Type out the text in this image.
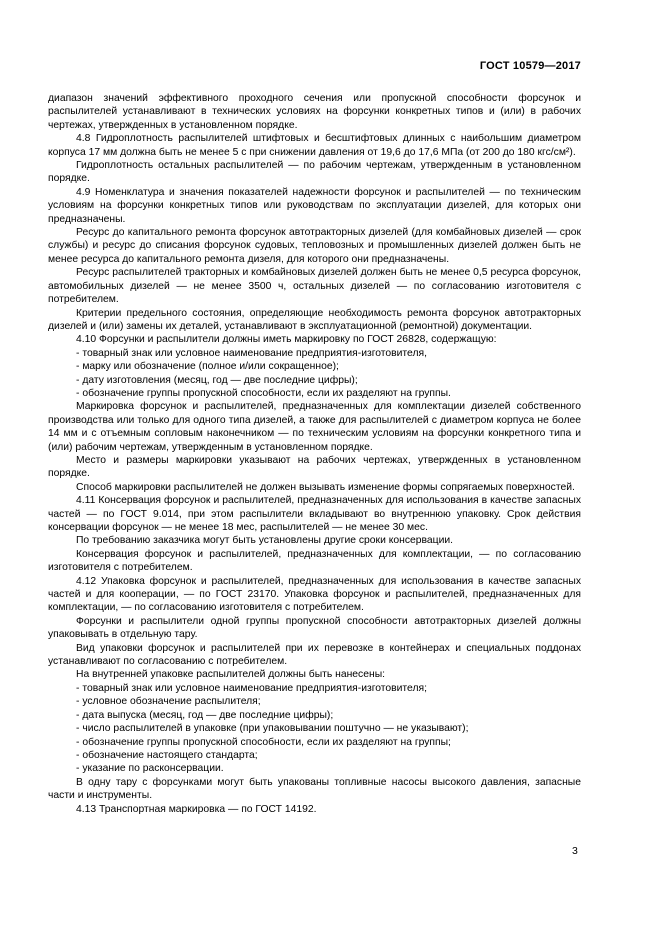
ГОСТ 10579—2017

диапазон значений эффективного проходного сечения или пропускной способности форсунок и распылителей устанавливают в технических условиях на форсунки конкретных типов и (или) в рабочих чертежах, утвержденных в установленном порядке.

4.8 Гидроплотность распылителей штифтовых и бесштифтовых длинных с наибольшим диаметром корпуса 17 мм должна быть не менее 5 с при снижении давления от 19,6 до 17,6 МПа (от 200 до 180 кгс/см²).

Гидроплотность остальных распылителей — по рабочим чертежам, утвержденным в установленном порядке.

4.9 Номенклатура и значения показателей надежности форсунок и распылителей — по техническим условиям на форсунки конкретных типов или руководствам по эксплуатации дизелей, для которых они предназначены.

Ресурс до капитального ремонта форсунок автотракторных дизелей (для комбайновых дизелей — срок службы) и ресурс до списания форсунок судовых, тепловозных и промышленных дизелей должен быть не менее ресурса до капитального ремонта дизеля, для которого они предназначены.

Ресурс распылителей тракторных и комбайновых дизелей должен быть не менее 0,5 ресурса форсунок, автомобильных дизелей — не менее 3500 ч, остальных дизелей — по согласованию изготовителя с потребителем.

Критерии предельного состояния, определяющие необходимость ремонта форсунок автотракторных дизелей и (или) замены их деталей, устанавливают в эксплуатационной (ремонтной) документации.

4.10 Форсунки и распылители должны иметь маркировку по ГОСТ 26828, содержащую:

- товарный знак или условное наименование предприятия-изготовителя,

- марку или обозначение (полное и/или сокращенное);

- дату изготовления (месяц, год — две последние цифры);

- обозначение группы пропускной способности, если их разделяют на группы.

Маркировка форсунок и распылителей, предназначенных для комплектации дизелей собственного производства или только для одного типа дизелей, а также для распылителей с диаметром корпуса не более 14 мм и с отъемным сопловым наконечником — по техническим условиям на форсунки конкретного типа и (или) рабочим чертежам, утвержденным в установленном порядке.

Место и размеры маркировки указывают на рабочих чертежах, утвержденных в установленном порядке.

Способ маркировки распылителей не должен вызывать изменение формы сопрягаемых поверхностей.

4.11 Консервация форсунок и распылителей, предназначенных для использования в качестве запасных частей — по ГОСТ 9.014, при этом распылители вкладывают во внутреннюю упаковку. Срок действия консервации форсунок — не менее 18 мес, распылителей — не менее 30 мес.

По требованию заказчика могут быть установлены другие сроки консервации.

Консервация форсунок и распылителей, предназначенных для комплектации, — по согласованию изготовителя с потребителем.

4.12 Упаковка форсунок и распылителей, предназначенных для использования в качестве запасных частей и для кооперации, — по ГОСТ 23170. Упаковка форсунок и распылителей, предназначенных для комплектации, — по согласованию изготовителя с потребителем.

Форсунки и распылители одной группы пропускной способности автотракторных дизелей должны упаковывать в отдельную тару.

Вид упаковки форсунок и распылителей при их перевозке в контейнерах и специальных поддонах устанавливают по согласованию с потребителем.

На внутренней упаковке распылителей должны быть нанесены:

- товарный знак или условное наименование предприятия-изготовителя;

- условное обозначение распылителя;

- дата выпуска (месяц, год — две последние цифры);

- число распылителей в упаковке (при упаковывании поштучно — не указывают);

- обозначение группы пропускной способности, если их разделяют на группы;

- обозначение настоящего стандарта;

- указание по расконсервации.

В одну тару с форсунками могут быть упакованы топливные насосы высокого давления, запасные части и инструменты.

4.13 Транспортная маркировка — по ГОСТ 14192.

3
